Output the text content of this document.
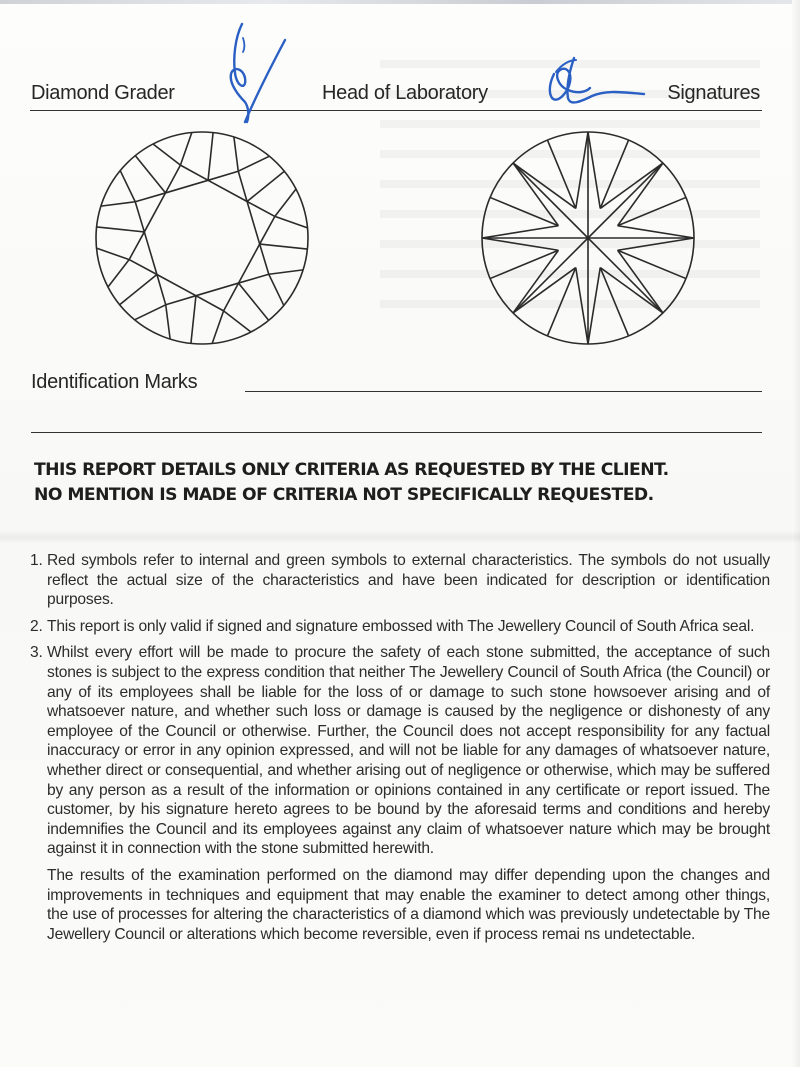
Diamond Grader	Head of Laboratory	Signatures
Identification Marks
THIS REPORT DETAILS ONLY CRITERIA AS REQUESTED BY THE CLIENT.
NO MENTION IS MADE OF CRITERIA NOT SPECIFICALLY REQUESTED.
1. Red symbols refer to internal and green symbols to external characteristics. The symbols do not usually reflect the actual size of the characteristics and have been indicated for description or identification purposes.
2. This report is only valid if signed and signature embossed with The Jewellery Council of South Africa seal.
3. Whilst every effort will be made to procure the safety of each stone submitted, the acceptance of such stones is subject to the express condition that neither The Jewellery Council of South Africa (the Council) or any of its employees shall be liable for the loss of or damage to such stone howsoever arising and of whatsoever nature, and whether such loss or damage is caused by the negligence or dishonesty of any employee of the Council or otherwise. Further, the Council does not accept responsibility for any factual inaccuracy or error in any opinion expressed, and will not be liable for any damages of whatsoever nature, whether direct or consequential, and whether arising out of negligence or otherwise, which may be suffered by any person as a result of the information or opinions contained in any certificate or report issued. The customer, by his signature hereto agrees to be bound by the aforesaid terms and conditions and hereby indemnifies the Council and its employees against any claim of whatsoever nature which may be brought against it in connection with the stone submitted herewith.
The results of the examination performed on the diamond may differ depending upon the changes and improvements in techniques and equipment that may enable the examiner to detect among other things, the use of processes for altering the characteristics of a diamond which was previously undetectable by The Jewellery Council or alterations which become reversible, even if process remai ns undetectable.
